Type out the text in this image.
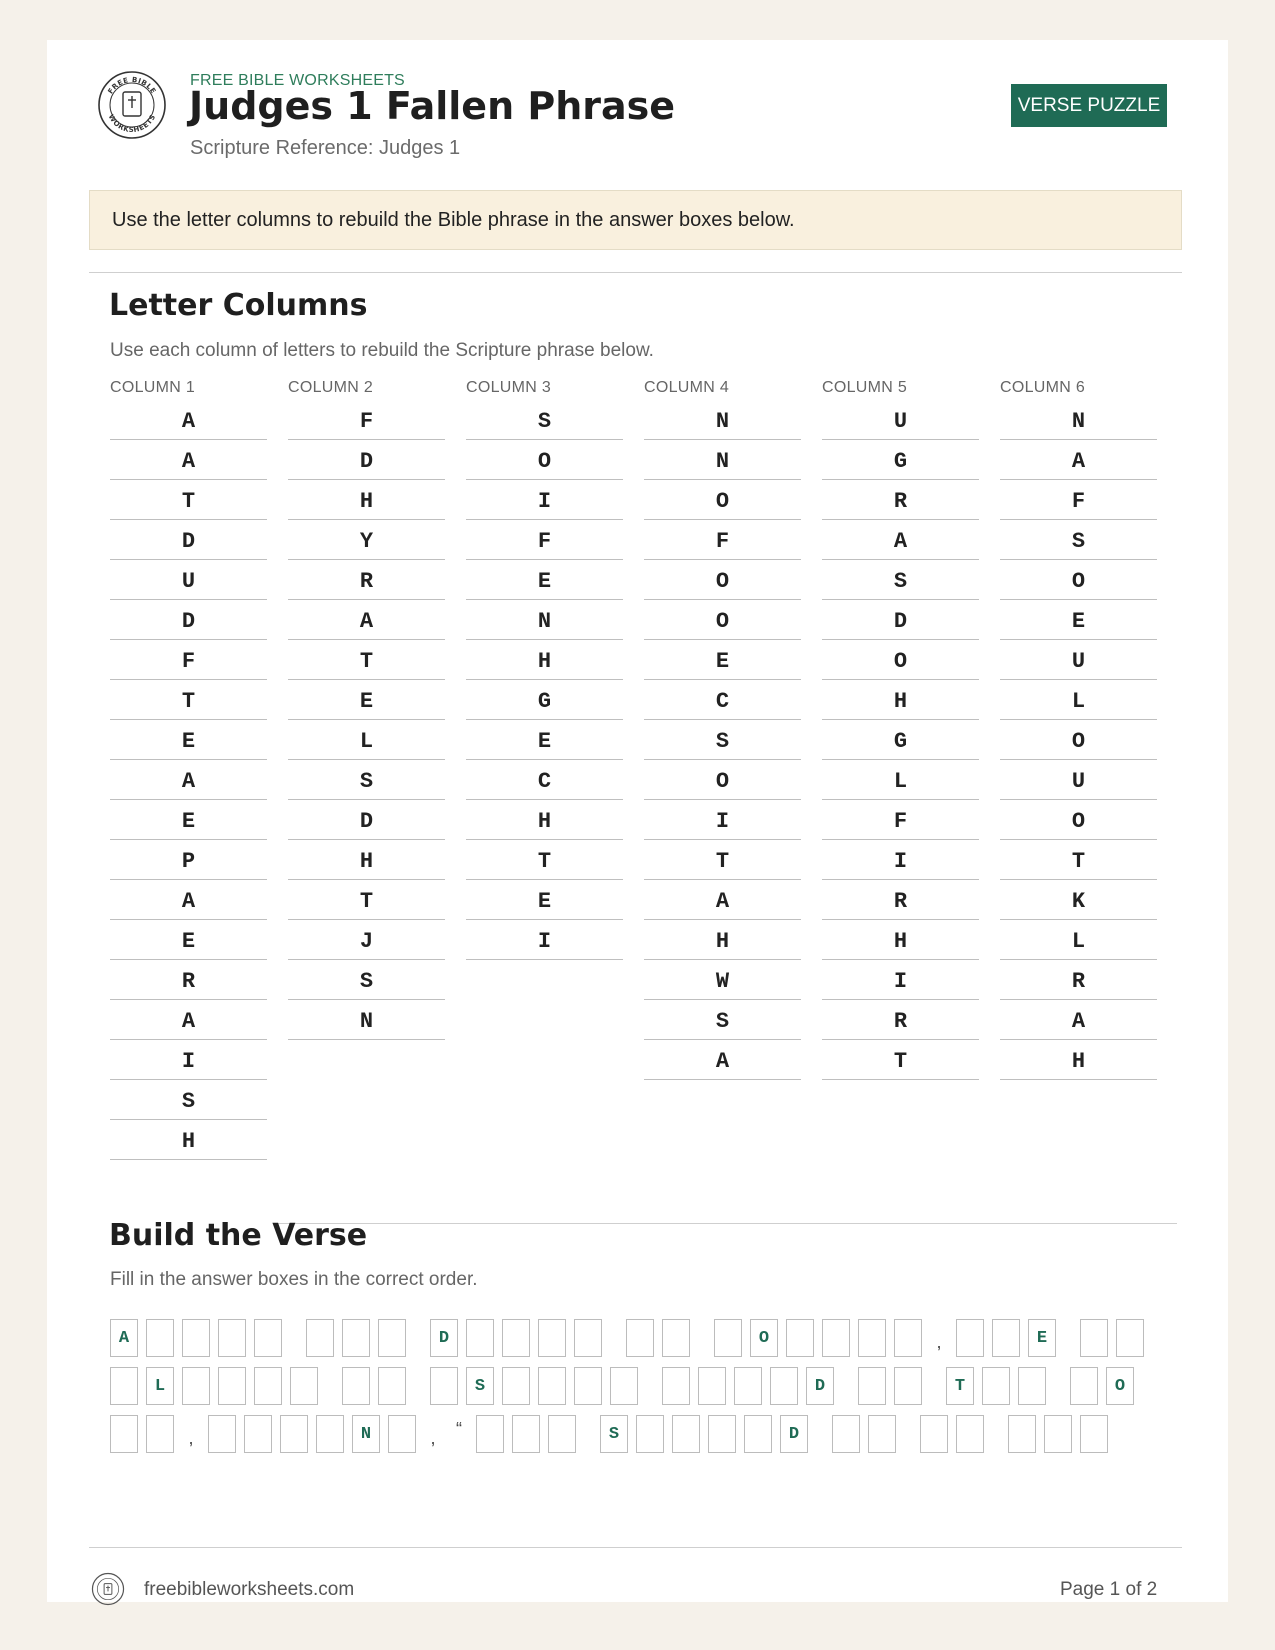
FREE BIBLE
WORKSHEETS
FREE BIBLE WORKSHEETS
Judges 1 Fallen Phrase
Scripture Reference: Judges 1
VERSE PUZZLE
Use the letter columns to rebuild the Bible phrase in the answer boxes below.
Letter Columns
Use each column of letters to rebuild the Scripture phrase below.
COLUMN 1
A
A
T
D
U
D
F
T
E
A
E
P
A
E
R
A
I
S
H
COLUMN 2
F
D
H
Y
R
A
T
E
L
S
D
H
T
J
S
N
COLUMN 3
S
O
I
F
E
N
H
G
E
C
H
T
E
I
COLUMN 4
N
N
O
F
O
O
E
C
S
O
I
T
A
H
W
S
A
COLUMN 5
U
G
R
A
S
D
O
H
G
L
F
I
R
H
I
R
T
COLUMN 6
N
A
F
S
O
E
U
L
O
U
O
T
K
L
R
A
H
Build the Verse
Fill in the answer boxes in the correct order.
A	D	O	,	E
L	S	D	T	O
,	N	, “	S	D
freebibleworksheets.com	Page 1 of 2
